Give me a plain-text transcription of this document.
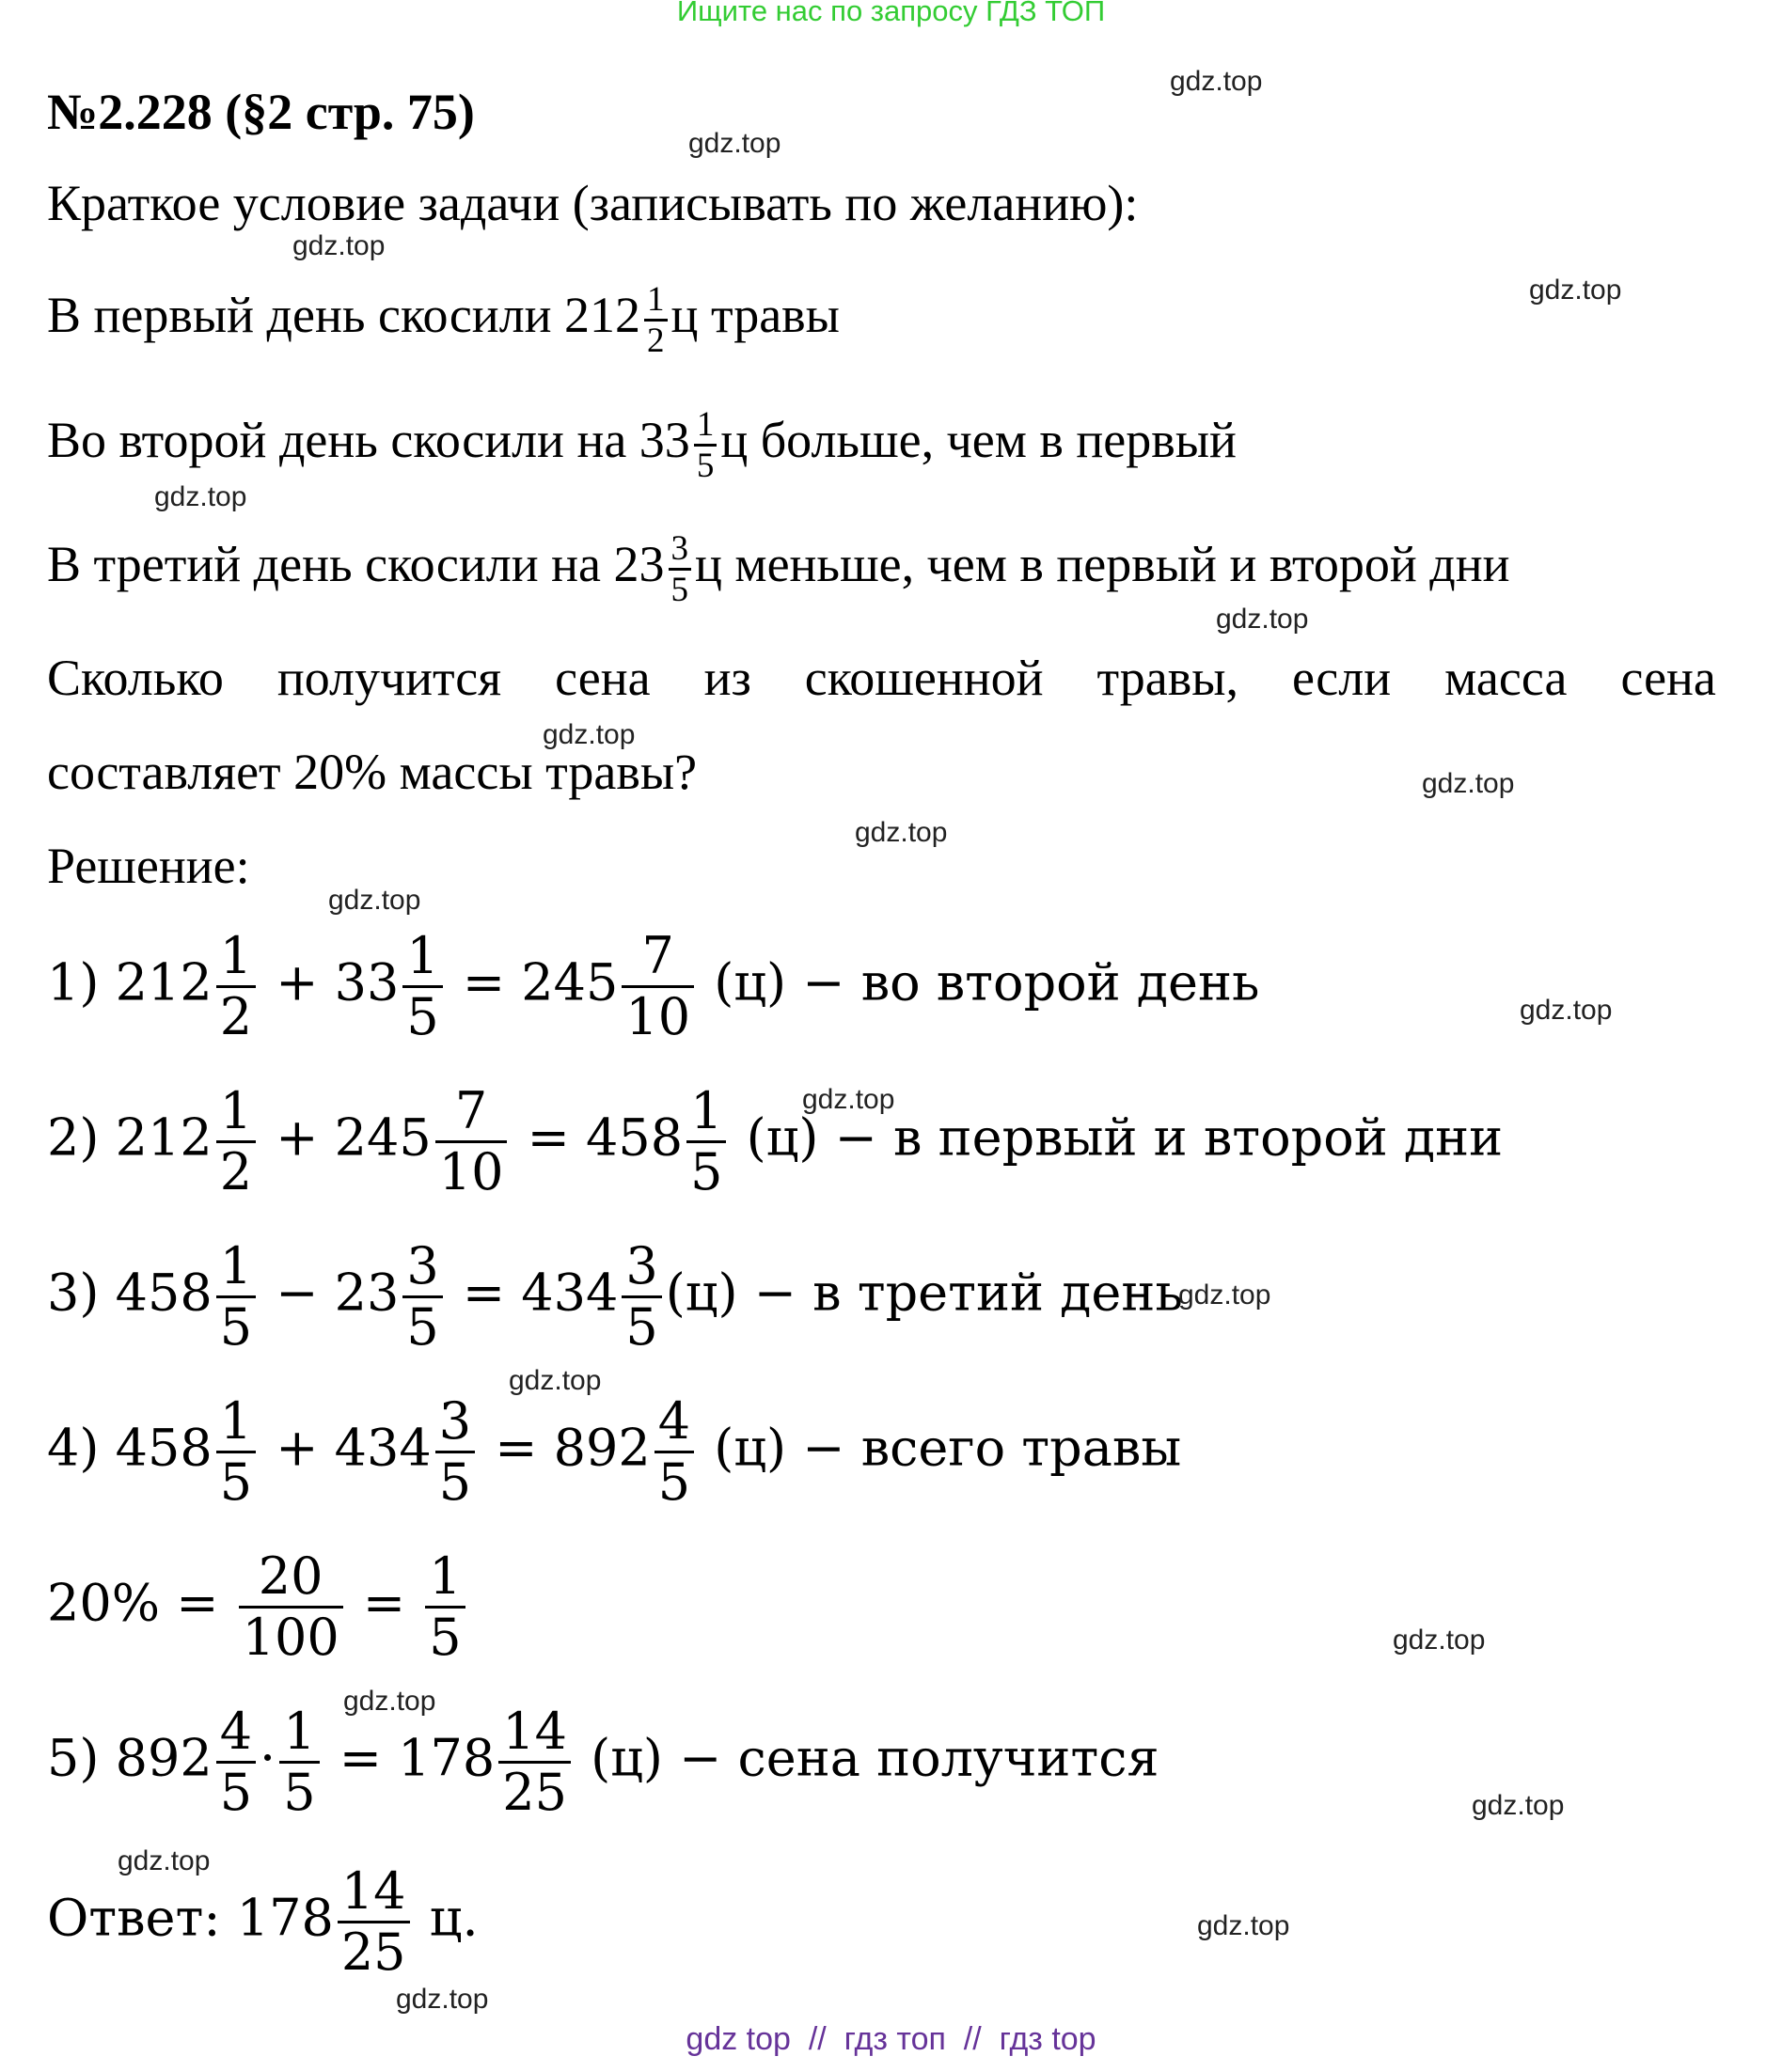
Ищите нас по запросу ГДЗ ТОП
№2.228 (§2 стр. 75)
Краткое условие задачи (записывать по желанию):
В первый день скосили $212 \frac{1}{2}$ ц травы
Во второй день скосили на $33 \frac{1}{5}$ ц больше, чем в первый
В третий день скосили на $23 \frac{3}{5}$ ц меньше, чем в первый и второй дни
Сколько получится сена из скошенной травы, если масса сена
составляет 20% массы травы?
Решение:
1) $212 \frac{1}{2} + 33 \frac{1}{5} = 245 \frac{7}{10} (ц)$ − во второй день
2) $212 \frac{1}{2} + 245 \frac{7}{10} = 458 \frac{1}{5} (ц) - в$ первый и второй дни
3) $458 \frac{1}{5} - 23 \frac{3}{5} = 434 \frac{3}{5} (ц) - в$ третий день
4) $458 \frac{1}{5} + 434 \frac{3}{5} = 892 \frac{4}{5} (ц)$ − всего травы
$20\% = \frac{20}{100} = \frac{1}{5}$
5) $892 \frac{4}{5} \cdot \frac{1}{5} = 178 \frac{14}{25} (ц)$ − сена получится
Ответ: $178 \frac{14}{25} ц$.
gdz.top
gdz.top
gdz.top
gdz.top
gdz.top
gdz.top
gdz.top
gdz.top
gdz.top
gdz.top
gdz.top
gdz.top
gdz.top
gdz.top
gdz.top
gdz.top
gdz.top
gdz.top
gdz.top
gdz.top
gdz top  //  гдз топ  //  гдз top
